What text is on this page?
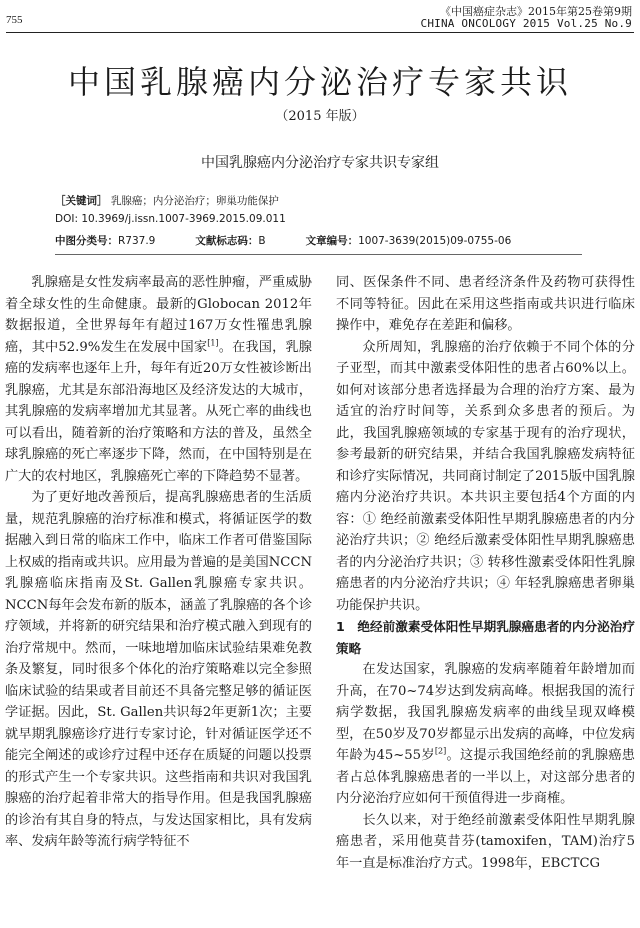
755
《中国癌症杂志》2015年第25卷第9期
CHINA ONCOLOGY 2015 Vol.25 No.9
中国乳腺癌内分泌治疗专家共识
（2015 年版）
中国乳腺癌内分泌治疗专家共识专家组
［关键词］ 乳腺癌；内分泌治疗；卵巢功能保护
DOI: 10.3969/j.issn.1007-3969.2015.09.011
中图分类号：R737.9	文献标志码：B	文章编号：1007-3639(2015)09-0755-06

乳腺癌是女性发病率最高的恶性肿瘤，严重威胁着全球女性的生命健康。最新的Globocan 2012年数据报道，全世界每年有超过167万女性罹患乳腺癌，其中52.9%发生在发展中国家[1]。在我国，乳腺癌的发病率也逐年上升，每年有近20万女性被诊断出乳腺癌，尤其是东部沿海地区及经济发达的大城市，其乳腺癌的发病率增加尤其显著。从死亡率的曲线也可以看出，随着新的治疗策略和方法的普及，虽然全球乳腺癌的死亡率逐步下降，然而，在中国特别是在广大的农村地区，乳腺癌死亡率的下降趋势不显著。

为了更好地改善预后，提高乳腺癌患者的生活质量，规范乳腺癌的治疗标准和模式，将循证医学的数据融入到日常的临床工作中，临床工作者可借鉴国际上权威的指南或共识。应用最为普遍的是美国NCCN乳腺癌临床指南及St. Gallen乳腺癌专家共识。NCCN每年会发布新的版本，涵盖了乳腺癌的各个诊疗领域，并将新的研究结果和治疗模式融入到现有的治疗常规中。然而，一味地增加临床试验结果难免教条及繁复，同时很多个体化的治疗策略难以完全参照临床试验的结果或者目前还不具备完整足够的循证医学证据。因此，St. Gallen共识每2年更新1次；主要就早期乳腺癌诊疗进行专家讨论，针对循证医学还不能完全阐述的或诊疗过程中还存在质疑的问题以投票的形式产生一个专家共识。这些指南和共识对我国乳腺癌的治疗起着非常大的指导作用。但是我国乳腺癌的诊治有其自身的特点，与发达国家相比，具有发病率、发病年龄等流行病学特征不

同、医保条件不同、患者经济条件及药物可获得性不同等特征。因此在采用这些指南或共识进行临床操作中，难免存在差距和偏移。

众所周知，乳腺癌的治疗依赖于不同个体的分子亚型，而其中激素受体阳性的患者占60%以上。如何对该部分患者选择最为合理的治疗方案、最为适宜的治疗时间等，关系到众多患者的预后。为此，我国乳腺癌领域的专家基于现有的治疗现状，参考最新的研究结果，并结合我国乳腺癌发病特征和诊疗实际情况，共同商讨制定了2015版中国乳腺癌内分泌治疗共识。本共识主要包括4个方面的内容：① 绝经前激素受体阳性早期乳腺癌患者的内分泌治疗共识；② 绝经后激素受体阳性早期乳腺癌患者的内分泌治疗共识；③ 转移性激素受体阳性乳腺癌患者的内分泌治疗共识；④ 年轻乳腺癌患者卵巢功能保护共识。

1　绝经前激素受体阳性早期乳腺癌患者的内分泌治疗策略

在发达国家，乳腺癌的发病率随着年龄增加而升高，在70~74岁达到发病高峰。根据我国的流行病学数据，我国乳腺癌发病率的曲线呈现双峰模型，在50岁及70岁都显示出发病的高峰，中位发病年龄为45~55岁[2]。这提示我国绝经前的乳腺癌患者占总体乳腺癌患者的一半以上，对这部分患者的内分泌治疗应如何干预值得进一步商榷。

长久以来，对于绝经前激素受体阳性早期乳腺癌患者，采用他莫昔芬(tamoxifen，TAM)治疗5年一直是标准治疗方式。1998年，EBCTCG
